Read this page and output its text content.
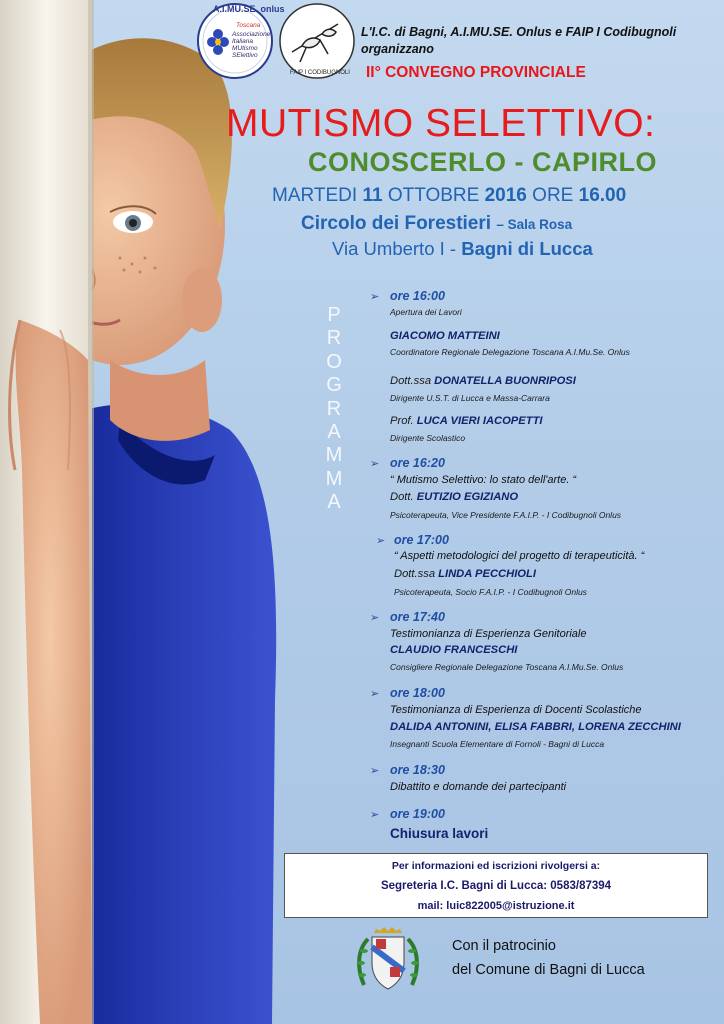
A.I.MU.SE. onlus
Toscana
Associazione
Italiana
MUtismo
SElettivo
FAIP I CODIBUGNOLI
L'I.C. di Bagni, A.I.MU.SE. Onlus e FAIP I Codibugnoli
organizzano
II° CONVEGNO PROVINCIALE
MUTISMO SELETTIVO:
CONOSCERLO - CAPIRLO
MARTEDI 11 OTTOBRE 2016 ORE 16.00
Circolo dei Forestieri – Sala Rosa
Via Umberto I - Bagni di Lucca
P
R
O
G
R
A
M
M
A
➢ ore 16:00
Apertura dei Lavori
GIACOMO MATTEINI
Coordinatore Regionale Delegazione Toscana A.I.Mu.Se. Onlus
Dott.ssa DONATELLA BUONRIPOSI
Dirigente U.S.T. di Lucca e Massa-Carrara
Prof. LUCA VIERI IACOPETTI
Dirigente Scolastico
➢ ore 16:20
“ Mutismo Selettivo: lo stato dell'arte. “
Dott. EUTIZIO EGIZIANO
Psicoterapeuta, Vice Presidente F.A.I.P. - I Codibugnoli Onlus
➢ ore 17:00
“ Aspetti metodologici del progetto di terapeuticità. “
Dott.ssa LINDA PECCHIOLI
Psicoterapeuta, Socio F.A.I.P. - I Codibugnoli Onlus
➢ ore 17:40
Testimonianza di Esperienza Genitoriale
CLAUDIO FRANCESCHI
Consigliere Regionale Delegazione Toscana A.I.Mu.Se. Onlus
➢ ore 18:00
Testimonianza di Esperienza di Docenti Scolastiche
DALIDA ANTONINI, ELISA FABBRI, LORENA ZECCHINI
Insegnanti Scuola Elementare di Fornoli - Bagni di Lucca
➢ ore 18:30
Dibattito e domande dei partecipanti
➢ ore 19:00
Chiusura lavori
Per informazioni ed iscrizioni rivolgersi a:
Segreteria I.C. Bagni di Lucca: 0583/87394
mail: luic822005@istruzione.it
Con il patrocinio
del Comune di Bagni di Lucca
